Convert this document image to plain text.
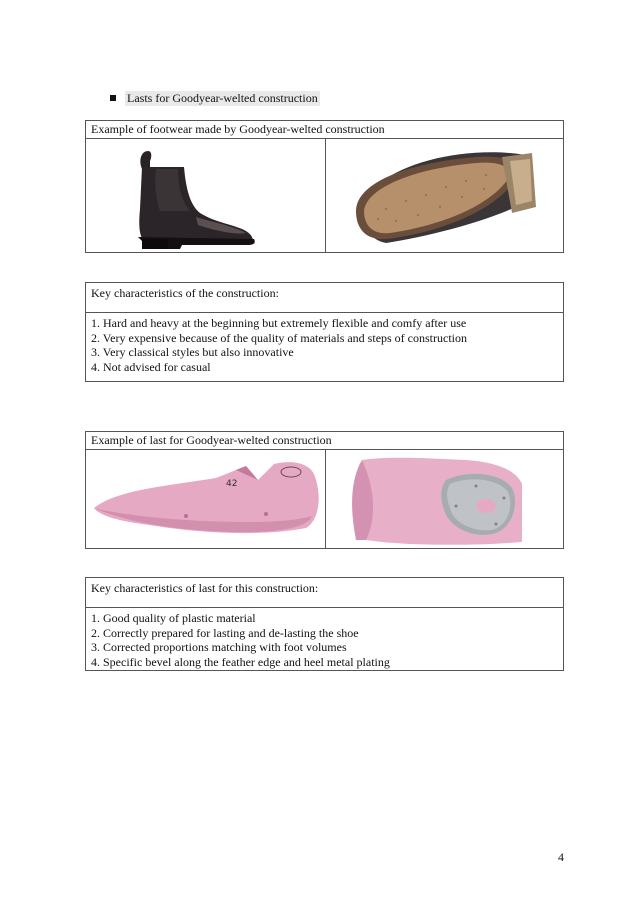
Lasts for Goodyear-welted construction
Example of footwear made by Goodyear-welted construction
Key characteristics of the construction:
1. Hard and heavy at the beginning but extremely flexible and comfy after use
2. Very expensive because of the quality of materials and steps of construction
3. Very classical styles but also innovative
4. Not advised for casual
Example of last for Goodyear-welted construction
42
Key characteristics of last for this construction:
1. Good quality of plastic material
2. Correctly prepared for lasting and de-lasting the shoe
3. Corrected proportions matching with foot volumes
4. Specific bevel along the feather edge and heel metal plating
4
